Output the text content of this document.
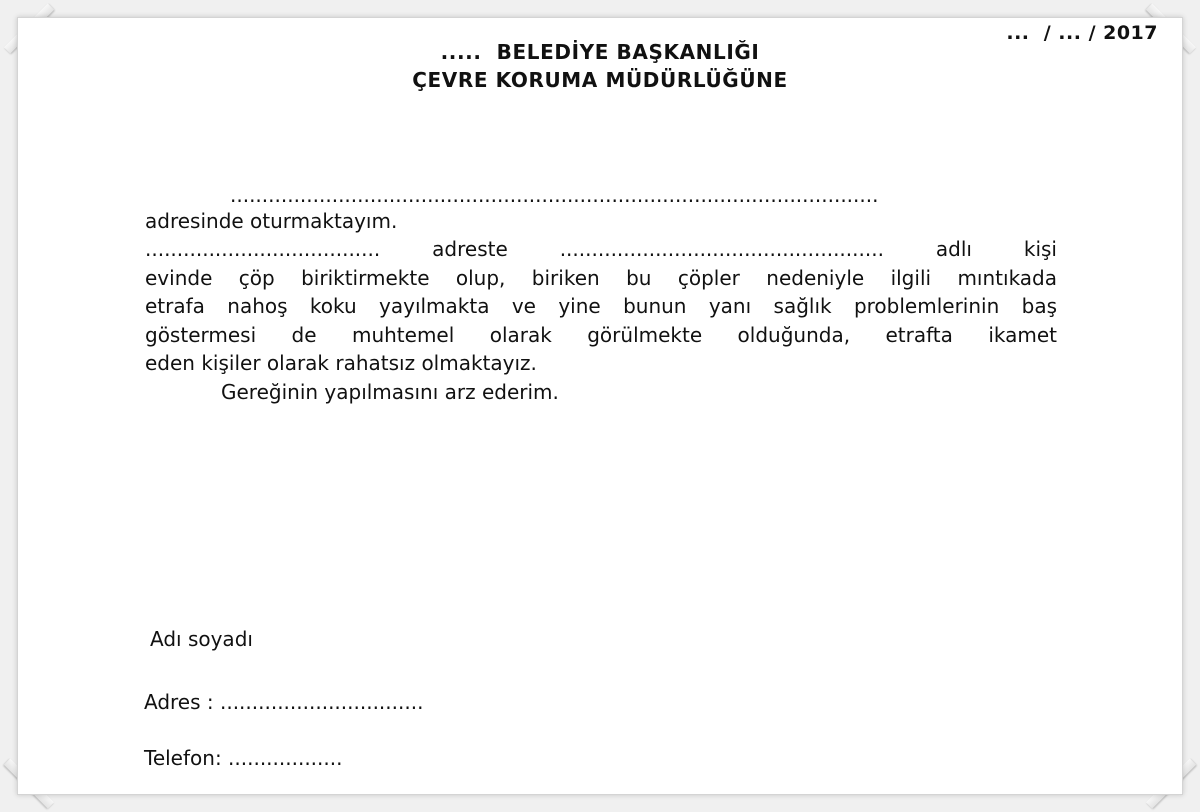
...  / ... / 2017
.....  BELEDİYE BAŞKANLIĞI
ÇEVRE KORUMA MÜDÜRLÜĞÜNE
......................................................................................................
adresinde oturmaktayım.
..................................... adreste	...................................................	adlı kişi
evinde çöp biriktirmekte olup, biriken bu çöpler nedeniyle ilgili mıntıkada
etrafa nahoş koku yayılmakta ve yine bunun yanı sağlık problemlerinin baş
göstermesi de muhtemel olarak görülmekte olduğunda, etrafta ikamet
eden kişiler olarak rahatsız olmaktayız.
Gereğinin yapılmasını arz ederim.
Adı soyadı
Adres : ................................
Telefon: ..................
